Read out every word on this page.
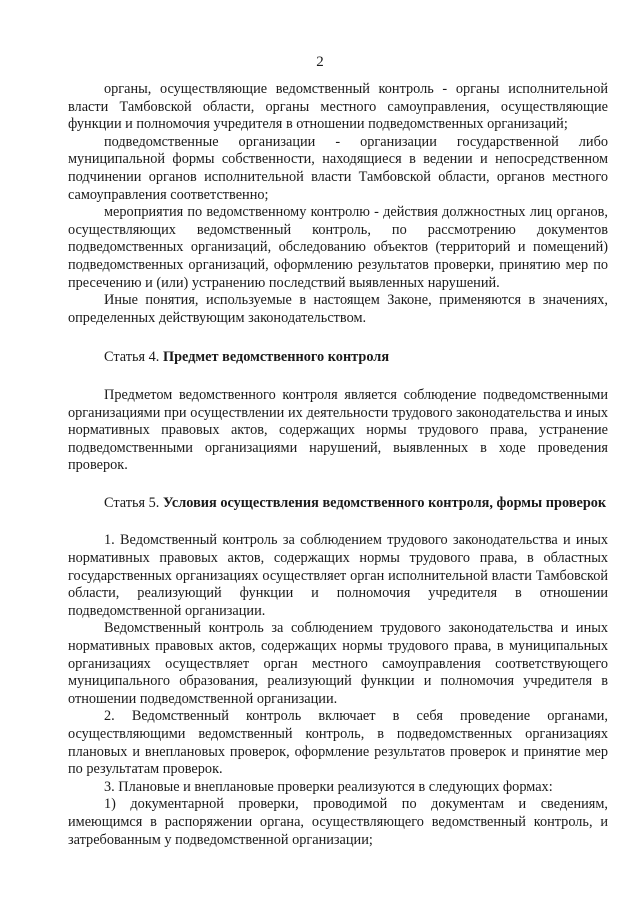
2

органы, осуществляющие ведомственный контроль - органы исполнительной власти Тамбовской области, органы местного самоуправления, осуществляющие функции и полномочия учредителя в отношении подведомственных организаций;

подведомственные организации - организации государственной либо муниципальной формы собственности, находящиеся в ведении и непосредственном подчинении органов исполнительной власти Тамбовской области, органов местного самоуправления соответственно;

мероприятия по ведомственному контролю - действия должностных лиц органов, осуществляющих ведомственный контроль, по рассмотрению документов подведомственных организаций, обследованию объектов (территорий и помещений) подведомственных организаций, оформлению результатов проверки, принятию мер по пресечению и (или) устранению последствий выявленных нарушений.

Иные понятия, используемые в настоящем Законе, применяются в значениях, определенных действующим законодательством.

Статья 4. Предмет ведомственного контроля

Предметом ведомственного контроля является соблюдение подведомственными организациями при осуществлении их деятельности трудового законодательства и иных нормативных правовых актов, содержащих нормы трудового права, устранение подведомственными организациями нарушений, выявленных в ходе проведения проверок.

Статья 5. Условия осуществления ведомственного контроля, формы проверок

1. Ведомственный контроль за соблюдением трудового законодательства и иных нормативных правовых актов, содержащих нормы трудового права, в областных государственных организациях осуществляет орган исполнительной власти Тамбовской области, реализующий функции и полномочия учредителя в отношении подведомственной организации.

Ведомственный контроль за соблюдением трудового законодательства и иных нормативных правовых актов, содержащих нормы трудового права, в муниципальных организациях осуществляет орган местного самоуправления соответствующего муниципального образования, реализующий функции и полномочия учредителя в отношении подведомственной организации.

2. Ведомственный контроль включает в себя проведение органами, осуществляющими ведомственный контроль, в подведомственных организациях плановых и внеплановых проверок, оформление результатов проверок и принятие мер по результатам проверок.

3. Плановые и внеплановые проверки реализуются в следующих формах:

1) документарной проверки, проводимой по документам и сведениям, имеющимся в распоряжении органа, осуществляющего ведомственный контроль, и затребованным у подведомственной организации;
